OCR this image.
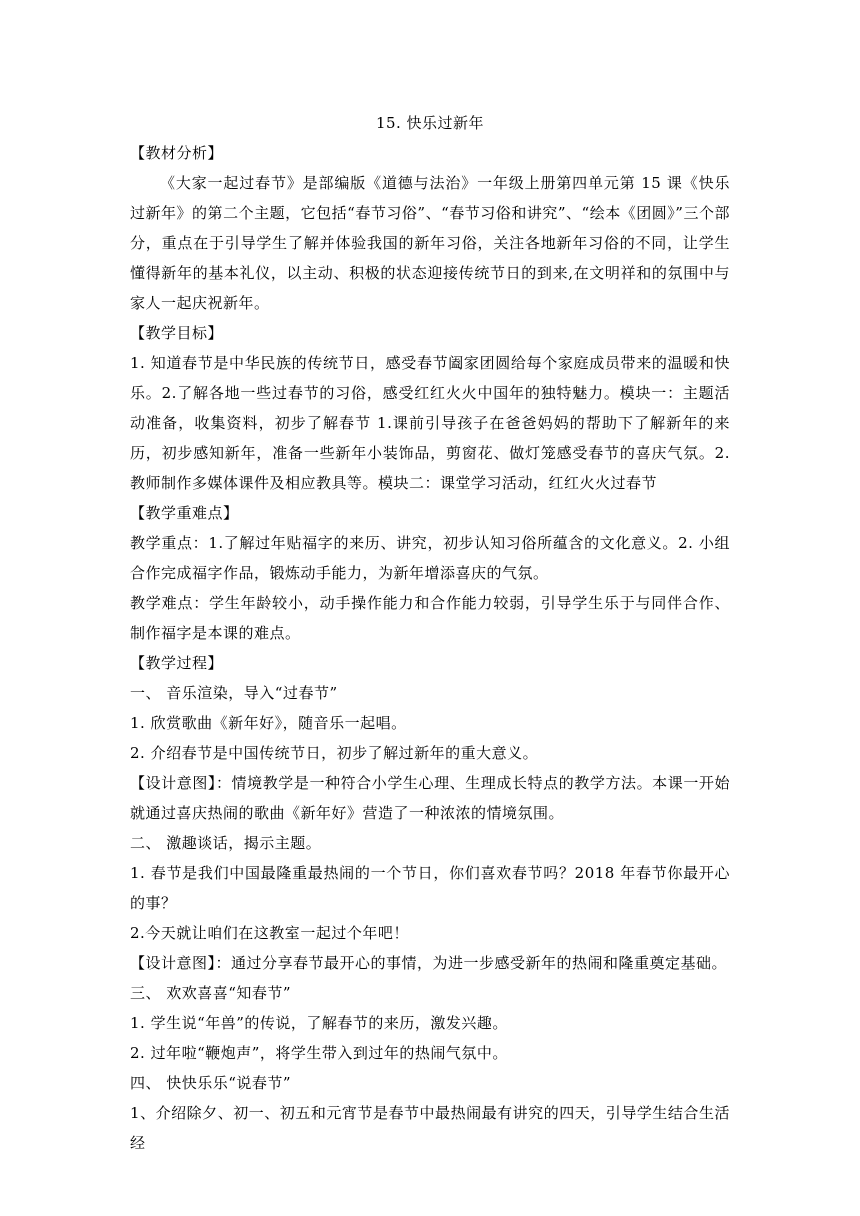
15. 快乐过新年

【教材分析】

《大家一起过春节》是部编版《道德与法治》一年级上册第四单元第 15 课《快乐过新年》的第二个主题，它包括“春节习俗”、“春节习俗和讲究”、“绘本《团圆》”三个部分，重点在于引导学生了解并体验我国的新年习俗，关注各地新年习俗的不同，让学生懂得新年的基本礼仪，以主动、积极的状态迎接传统节日的到来,在文明祥和的氛围中与家人一起庆祝新年。

【教学目标】

1. 知道春节是中华民族的传统节日，感受春节阖家团圆给每个家庭成员带来的温暖和快乐。2.了解各地一些过春节的习俗，感受红红火火中国年的独特魅力。模块一：主题活动准备，收集资料，初步了解春节 1.课前引导孩子在爸爸妈妈的帮助下了解新年的来历，初步感知新年，准备一些新年小装饰品，剪窗花、做灯笼感受春节的喜庆气氛。2.教师制作多媒体课件及相应教具等。模块二：课堂学习活动，红红火火过春节

【教学重难点】

教学重点：1.了解过年贴福字的来历、讲究，初步认知习俗所蕴含的文化意义。2. 小组合作完成福字作品，锻炼动手能力，为新年增添喜庆的气氛。

教学难点：学生年龄较小，动手操作能力和合作能力较弱，引导学生乐于与同伴合作、制作福字是本课的难点。

【教学过程】

一、 音乐渲染，导入“过春节”

1. 欣赏歌曲《新年好》，随音乐一起唱。

2. 介绍春节是中国传统节日，初步了解过新年的重大意义。

【设计意图】：情境教学是一种符合小学生心理、生理成长特点的教学方法。本课一开始就通过喜庆热闹的歌曲《新年好》营造了一种浓浓的情境氛围。

二、 激趣谈话，揭示主题。

1. 春节是我们中国最隆重最热闹的一个节日，你们喜欢春节吗？2018 年春节你最开心的事？

2.今天就让咱们在这教室一起过个年吧！

【设计意图】：通过分享春节最开心的事情，为进一步感受新年的热闹和隆重奠定基础。

三、 欢欢喜喜“知春节”

1. 学生说“年兽”的传说，了解春节的来历，激发兴趣。

2. 过年啦“鞭炮声”，将学生带入到过年的热闹气氛中。

四、 快快乐乐“说春节”

1、介绍除夕、初一、初五和元宵节是春节中最热闹最有讲究的四天，引导学生结合生活经
